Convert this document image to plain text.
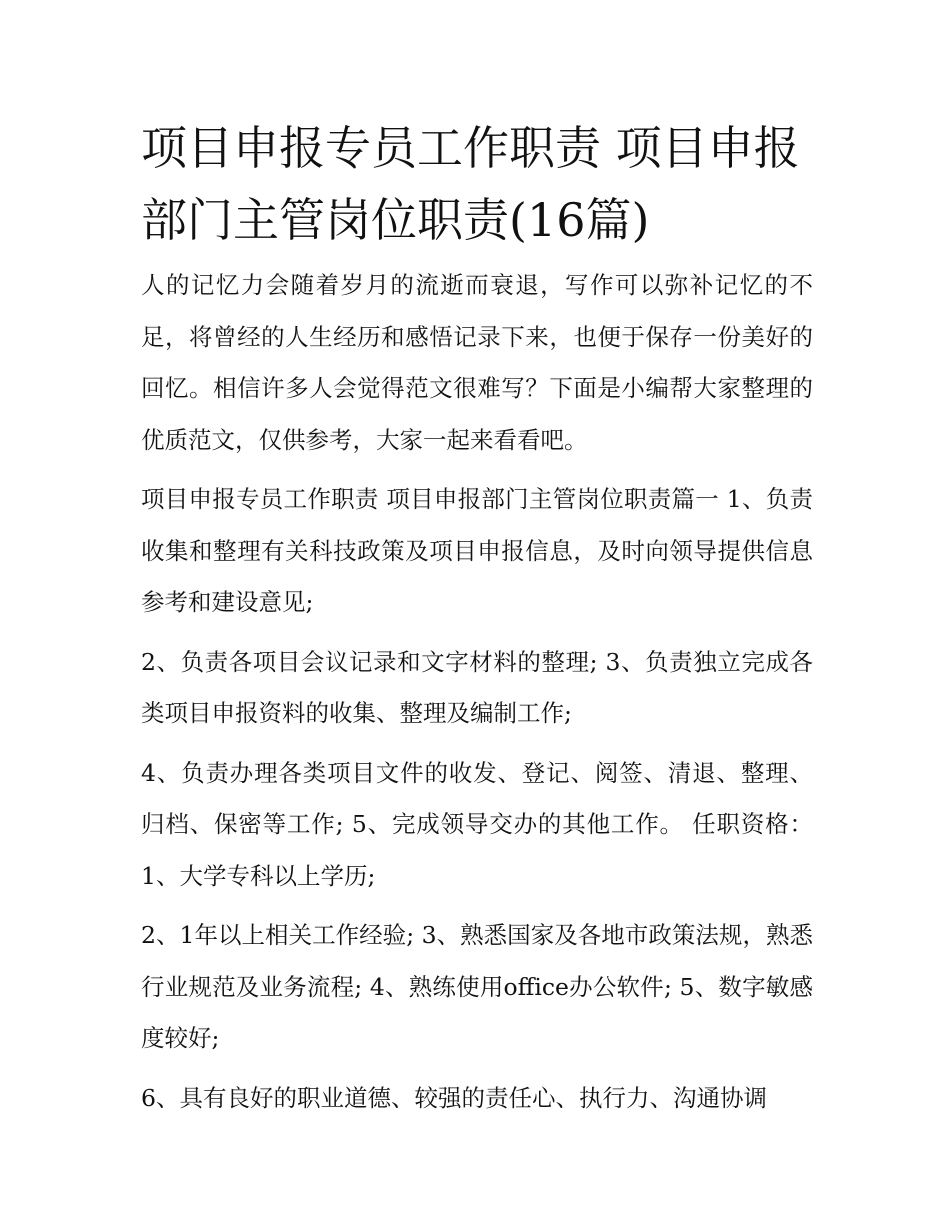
项目申报专员工作职责 项目申报部门主管岗位职责(16篇)

人的记忆力会随着岁月的流逝而衰退，写作可以弥补记忆的不足，将曾经的人生经历和感悟记录下来，也便于保存一份美好的回忆。相信许多人会觉得范文很难写？下面是小编帮大家整理的优质范文，仅供参考，大家一起来看看吧。

项目申报专员工作职责 项目申报部门主管岗位职责篇一 1、负责收集和整理有关科技政策及项目申报信息，及时向领导提供信息参考和建设意见;

2、负责各项目会议记录和文字材料的整理; 3、负责独立完成各类项目申报资料的收集、整理及编制工作;

4、负责办理各类项目文件的收发、登记、阅签、清退、整理、归档、保密等工作; 5、完成领导交办的其他工作。 任职资格： 1、大学专科以上学历;

2、1年以上相关工作经验; 3、熟悉国家及各地市政策法规，熟悉行业规范及业务流程; 4、熟练使用office办公软件; 5、数字敏感度较好;

6、具有良好的职业道德、较强的责任心、执行力、沟通协调
